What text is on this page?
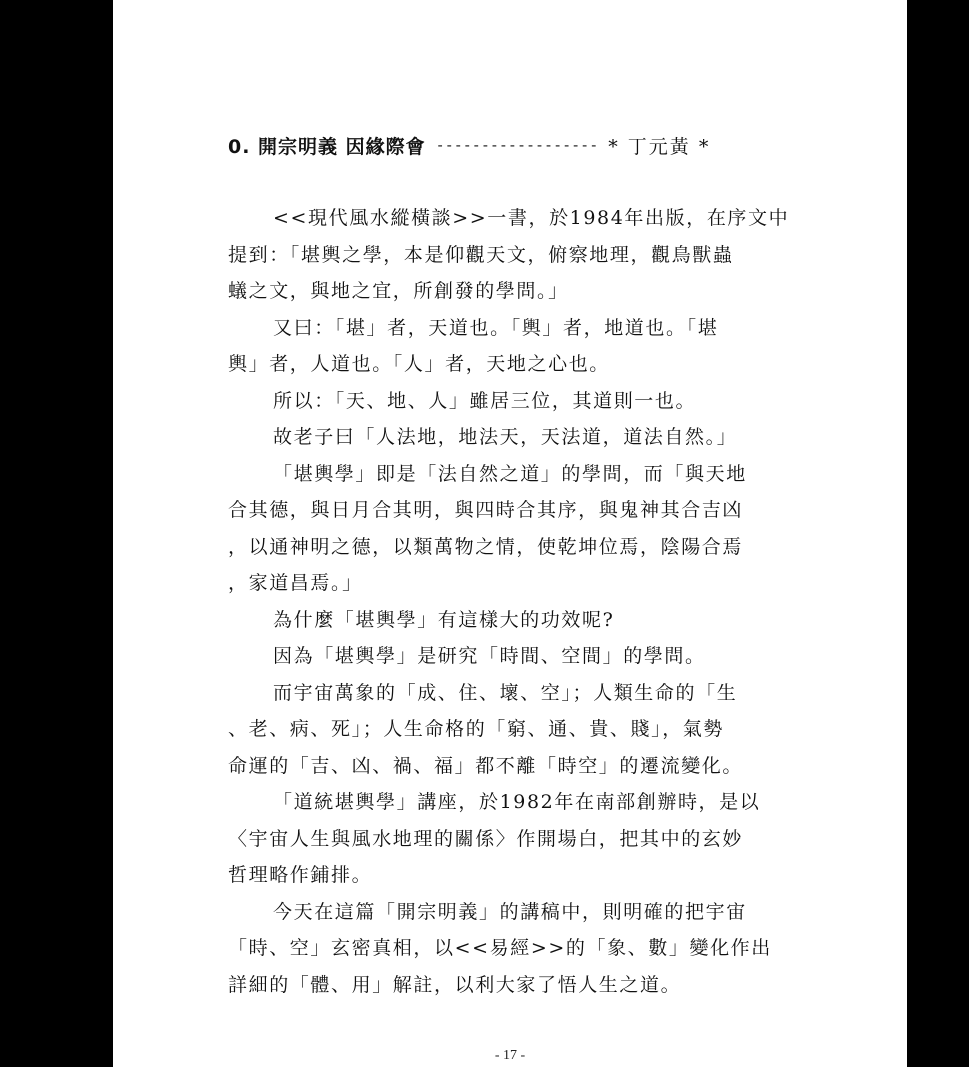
0. 開宗明義 因緣際會 ------------------ * 丁元黃 *
<<現代風水縱橫談>>一書，於1984年出版，在序文中
提到：「堪輿之學，本是仰觀天文，俯察地理，觀鳥獸蟲
蟻之文，與地之宜，所創發的學問。」
又曰：「堪」者，天道也。「輿」者，地道也。「堪
輿」者，人道也。「人」者，天地之心也。
所以：「天、地、人」雖居三位，其道則一也。
故老子曰「人法地，地法天，天法道，道法自然。」
「堪輿學」即是「法自然之道」的學問，而「與天地
合其德，與日月合其明，與四時合其序，與鬼神其合吉凶
，以通神明之德，以類萬物之情，使乾坤位焉，陰陽合焉
，家道昌焉。」
為什麼「堪輿學」有這樣大的功效呢?
因為「堪輿學」是研究「時間、空間」的學問。
而宇宙萬象的「成、住、壞、空」；人類生命的「生
、老、病、死」；人生命格的「窮、通、貴、賤」，氣勢
命運的「吉、凶、禍、福」都不離「時空」的遷流變化。
「道統堪輿學」講座，於1982年在南部創辦時，是以
〈宇宙人生與風水地理的關係〉作開場白，把其中的玄妙
哲理略作鋪排。
今天在這篇「開宗明義」的講稿中，則明確的把宇宙
「時、空」玄密真相，以<<易經>>的「象、數」變化作出
詳細的「體、用」解註，以利大家了悟人生之道。
- 17 -
